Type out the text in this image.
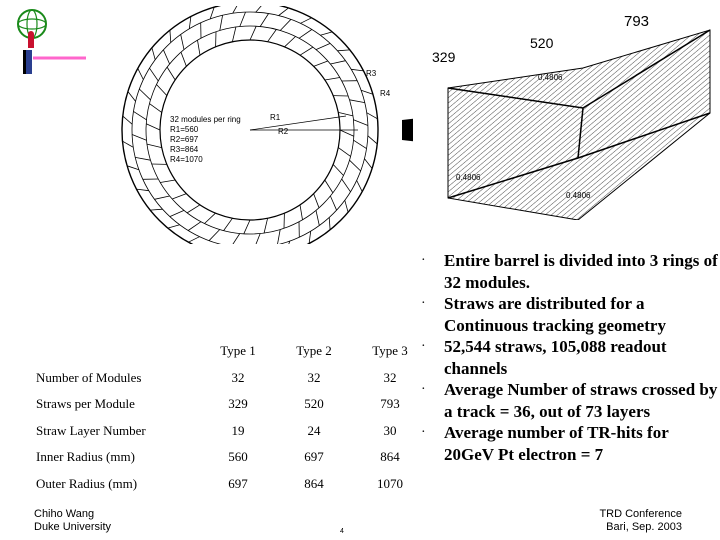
R3
R4
R1
R2
32 modules per ring
R1=560
R2=697
R3=864
R4=1070
793
520
329
0.4806
0.4806
0.4806
· Entire barrel is divided into 3 rings of 32 modules.
· Straws are distributed for a Continuous tracking geometry
· 52,544 straws, 105,088 readout channels
· Average Number of straws crossed by a track = 36, out of 73 layers
· Average number of TR-hits for 20GeV Pt electron = 7
	Type 1	Type 2	Type 3
Number of Modules	32	32	32
Straws per Module	329	520	793
Straw Layer Number	19	24	30
Inner Radius (mm)	560	697	864
Outer Radius (mm)	697	864	1070
Chiho Wang
Duke University
TRD Conference
Bari, Sep. 2003
4
